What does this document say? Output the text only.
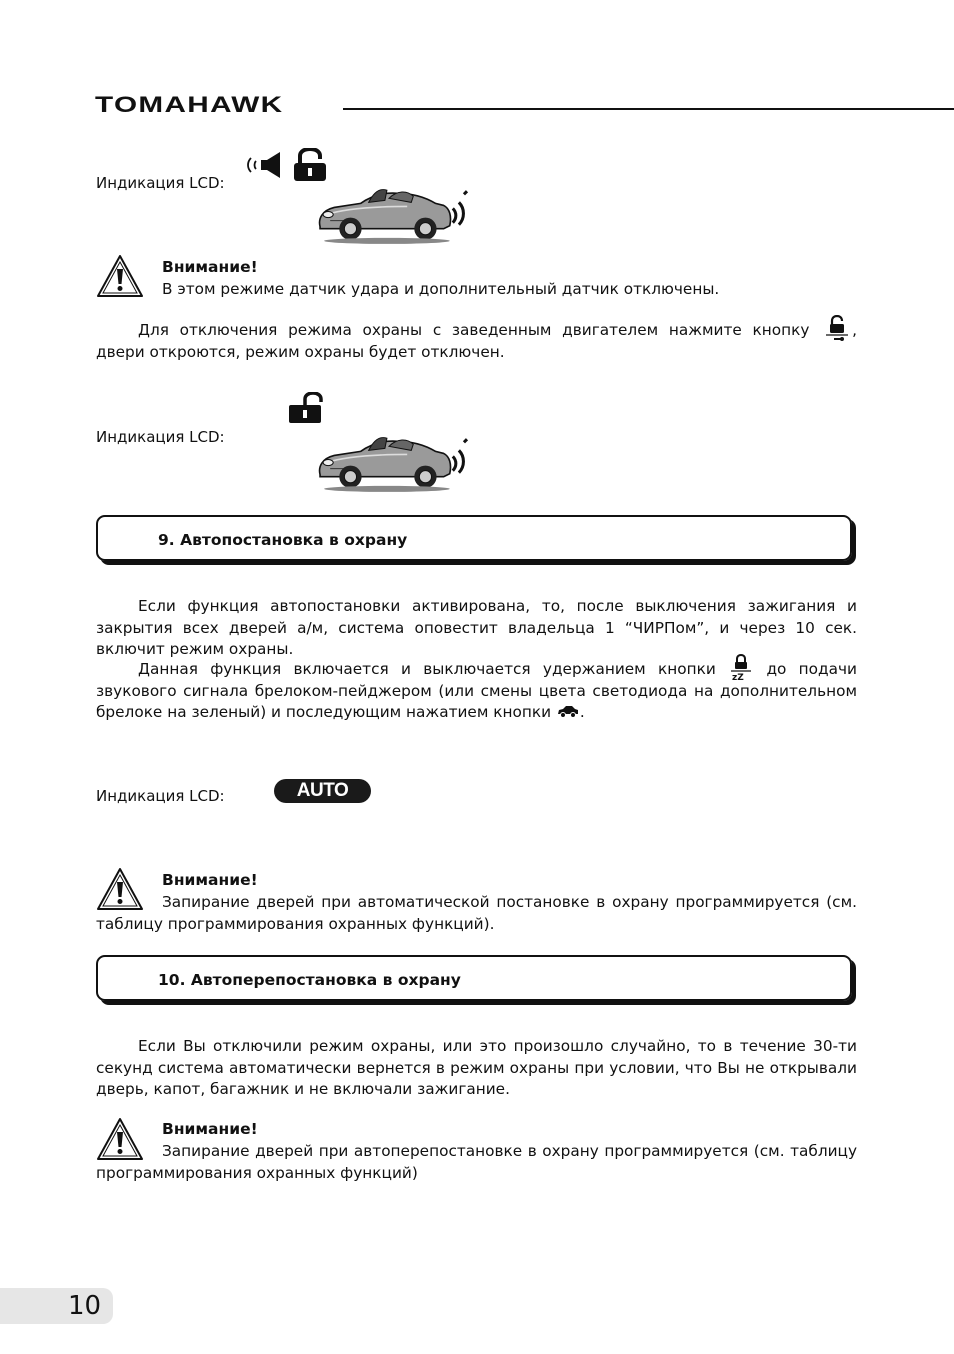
TOMAHAWK
Индикация LCD:
Внимание!
В этом режиме датчик удара и дополнительный датчик отключены.
Для отключения режима охраны с заведенным двигателем нажмите кнопку	, двери откроются, режим охраны будет отключен.
Индикация LCD:
9. Автопостановка в охрану
Если функция автопостановки активирована, то, после выключения зажигания и закрытия всех дверей а/м, система оповестит владельца 1 “ЧИРПом”, и через 10 сек. включит режим охраны.
Данная функция включается и выключается удержанием кнопки zZ до подачи звукового сигнала брелоком-пейджером (или смены цвета светодиода на дополнительном брелоке на зеленый) и последующим нажатием кнопки .
Индикация LCD:	AUTO ARM
Внимание!
Запирание дверей при автоматической постановке в охрану программируется (см. таблицу программирования охранных функций).
10. Автоперепостановка в охрану
Если Вы отключили режим охраны, или это произошло случайно, то в течение 30-ти секунд система автоматически вернется в режим охраны при условии, что Вы не открывали дверь, капот, багажник и не включали зажигание.
Внимание!
Запирание дверей при автоперепостановке в охрану программируется (см. таблицу программирования охранных функций)
10
